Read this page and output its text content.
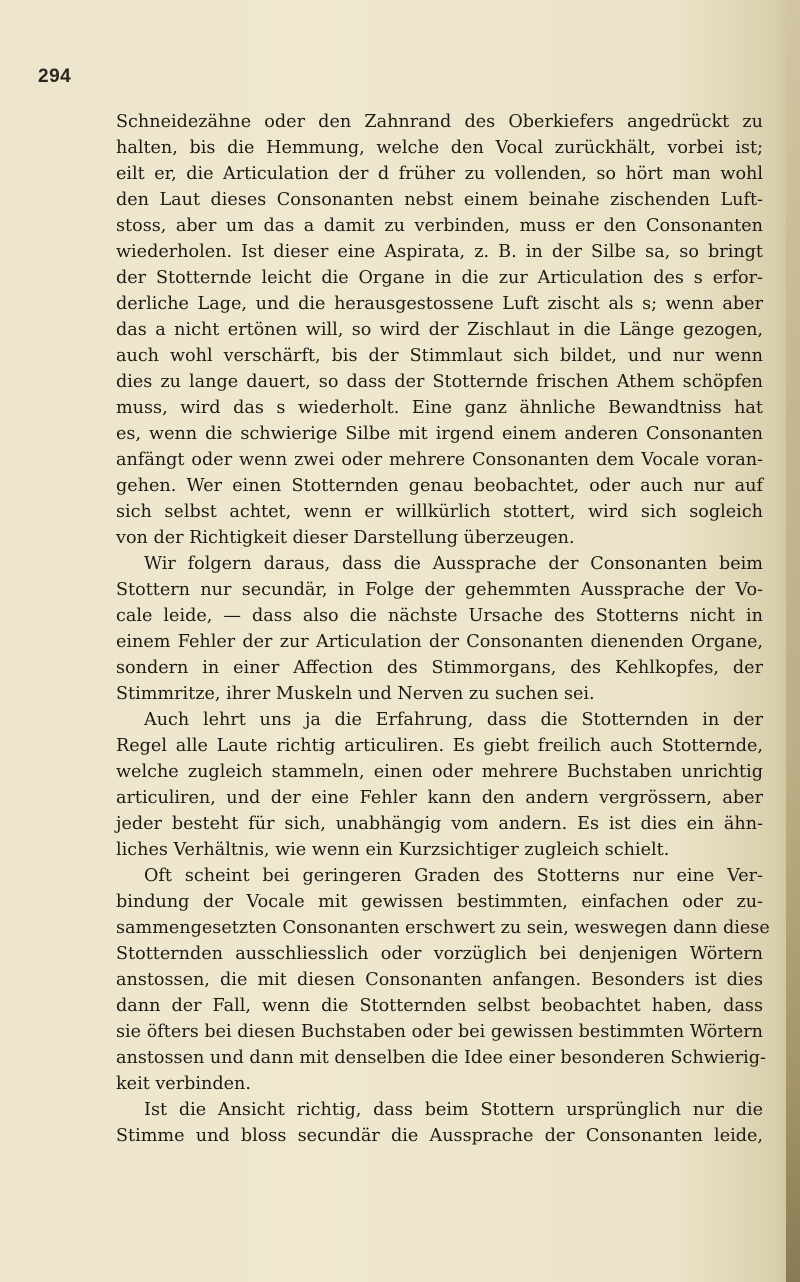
294
Schneidezähne oder den Zahnrand des Oberkiefers angedrückt zu
halten, bis die Hemmung, welche den Vocal zurückhält, vorbei ist;
eilt er, die Articulation der d früher zu vollenden, so hört man wohl
den Laut dieses Consonanten nebst einem beinahe zischenden Luft-
stoss, aber um das a damit zu verbinden, muss er den Consonanten
wiederholen. Ist dieser eine Aspirata, z. B. in der Silbe sa, so bringt
der Stotternde leicht die Organe in die zur Articulation des s erfor-
derliche Lage, und die herausgestossene Luft zischt als s; wenn aber
das a nicht ertönen will, so wird der Zischlaut in die Länge gezogen,
auch wohl verschärft, bis der Stimmlaut sich bildet, und nur wenn
dies zu lange dauert, so dass der Stotternde frischen Athem schöpfen
muss, wird das s wiederholt. Eine ganz ähnliche Bewandtniss hat
es, wenn die schwierige Silbe mit irgend einem anderen Consonanten
anfängt oder wenn zwei oder mehrere Consonanten dem Vocale voran-
gehen. Wer einen Stotternden genau beobachtet, oder auch nur auf
sich selbst achtet, wenn er willkürlich stottert, wird sich sogleich
von der Richtigkeit dieser Darstellung überzeugen.
Wir folgern daraus, dass die Aussprache der Consonanten beim
Stottern nur secundär, in Folge der gehemmten Aussprache der Vo-
cale leide, — dass also die nächste Ursache des Stotterns nicht in
einem Fehler der zur Articulation der Consonanten dienenden Organe,
sondern in einer Affection des Stimmorgans, des Kehlkopfes, der
Stimmritze, ihrer Muskeln und Nerven zu suchen sei.
Auch lehrt uns ja die Erfahrung, dass die Stotternden in der
Regel alle Laute richtig articuliren. Es giebt freilich auch Stotternde,
welche zugleich stammeln, einen oder mehrere Buchstaben unrichtig
articuliren, und der eine Fehler kann den andern vergrössern, aber
jeder besteht für sich, unabhängig vom andern. Es ist dies ein ähn-
liches Verhältnis, wie wenn ein Kurzsichtiger zugleich schielt.
Oft scheint bei geringeren Graden des Stotterns nur eine Ver-
bindung der Vocale mit gewissen bestimmten, einfachen oder zu-
sammengesetzten Consonanten erschwert zu sein, weswegen dann diese
Stotternden ausschliesslich oder vorzüglich bei denjenigen Wörtern
anstossen, die mit diesen Consonanten anfangen. Besonders ist dies
dann der Fall, wenn die Stotternden selbst beobachtet haben, dass
sie öfters bei diesen Buchstaben oder bei gewissen bestimmten Wörtern
anstossen und dann mit denselben die Idee einer besonderen Schwierig-
keit verbinden.
Ist die Ansicht richtig, dass beim Stottern ursprünglich nur die
Stimme und bloss secundär die Aussprache der Consonanten leide,
